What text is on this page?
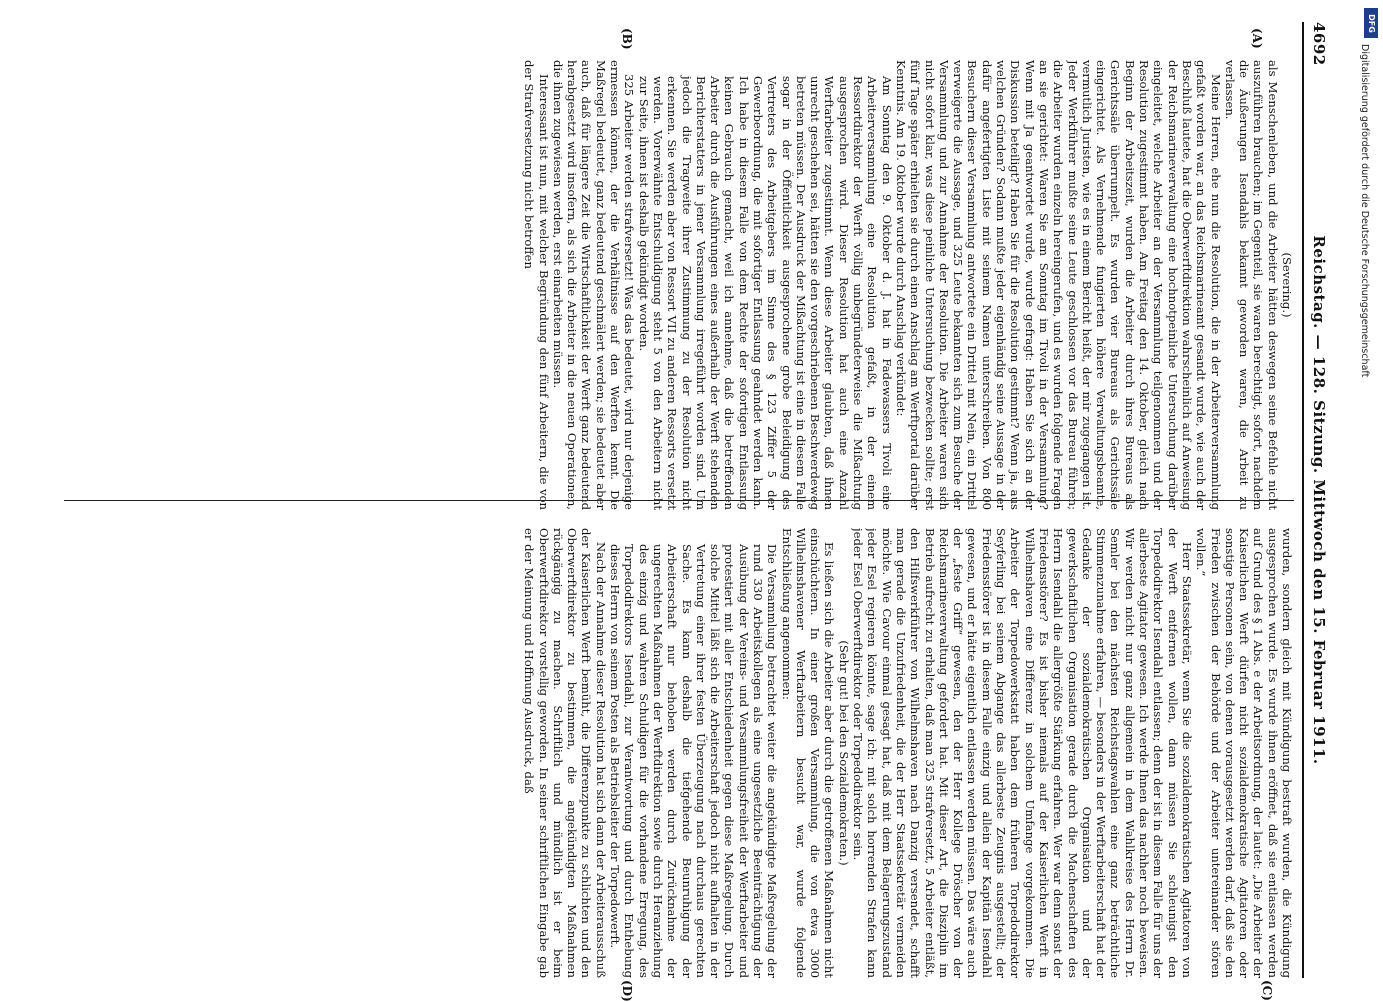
4692
Reichstag. — 128. Sitzung. Mittwoch den 15. Februar 1911.
(A)
(B)
(C)
(D)

(Severing.)

als Menschenleben, und die Arbeiter hätten deswegen seine Befehle nicht auszuführen brauchen; im Gegenteil, sie waren berechtigt, sofort, nachdem die Äußerungen Isendahls bekannt geworden waren, die Arbeit zu verlassen.

Meine Herren, ehe nun die Resolution, die in der Arbeiterversammlung gefaßt worden war, an das Reichsmarineamt gesandt wurde, wie auch der Beschluß lautete, hat die Oberwerftdirektion wahrscheinlich auf Anweisung der Reichsmarineverwaltung eine hochnotpeinliche Untersuchung darüber eingeleitet, welche Arbeiter an der Versammlung teilgenommen und der Resolution zugestimmt haben. Am Freitag den 14. Oktober, gleich nach Beginn der Arbeitszeit, wurden die Arbeiter durch ihres Bureaus als Gerichtssäle überrumpelt. Es wurden vier Bureaus als Gerichtssäle eingerichtet. Als Vernehmende fungierten höhere Verwaltungsbeamte, vermutlich Juristen, wie es in einem Bericht heißt, der mir zugegangen ist. Jeder Werkführer mußte seine Leute geschlossen vor das Bureau führen; die Arbeiter wurden einzeln hereingerufen, und es wurden folgende Fragen an sie gerichtet: Waren Sie am Sonntag im Tivoli in der Versammlung? Wenn mit Ja geantwortet wurde, wurde gefragt: Haben Sie sich an der Diskussion beteiligt? Haben Sie für die Resolution gestimmt? Wenn ja, aus welchen Gründen? Sodann mußte jeder eigenhändig seine Aussage in der dafür angefertigten Liste mit seinem Namen unterschreiben. Von 800 Besuchern dieser Versammlung antwortete ein Drittel mit Nein, ein Drittel verweigerte die Aussage, und 325 Leute bekannten sich zum Besuche der Versammlung und zur Annahme der Resolution. Die Arbeiter waren sich nicht sofort klar, was diese peinliche Untersuchung bezwecken sollte; erst fünf Tage später erhielten sie durch einen Anschlag am Werftportal darüber Kenntnis. Am 19. Oktober wurde durch Anschlag verkündet:

Am Sonntag den 9. Oktober d. J. hat in Fadewassers Tivoli eine Arbeiterversammlung eine Resolution gefaßt, in der einem Ressortdirektor der Werft völlig unbegründeterweise die Mißachtung ausgesprochen wird. Dieser Resolution hat auch eine Anzahl Werftarbeiter zugestimmt. Wenn diese Arbeiter glaubten, daß ihnen unrecht geschehen sei, hätten sie den vorgeschriebenen Beschwerdeweg betreten müssen. Der Ausdruck der Mißachtung ist eine in diesem Falle sogar in der Öffentlichkeit ausgesprochene grobe Beleidigung des Vertreters des Arbeitgebers im Sinne des § 123 Ziffer 5 der Gewerbeordnung, die mit sofortiger Entlassung geahndet werden kann. Ich habe in diesem Falle von dem Rechte der sofortigen Entlassung keinen Gebrauch gemacht, weil ich annehme, daß die betreffenden Arbeiter durch die Ausführungen eines außerhalb der Werft stehenden Berichterstatters in jener Versammlung irregeführt worden sind. Um jedoch die Tragweite ihrer Zustimmung zu der Resolution nicht erkennen. Sie werden aber von Ressort VII zu anderen Ressorts versetzt werden. Vorerwähnte Entschuldigung steht 5 von den Arbeitern nicht zur Seite, ihnen ist deshalb gekündigt worden.

325 Arbeiter werden strafversetzt! Was das bedeutet, wird nur derjenige ermessen können, der die Verhältnisse auf den Werften kennt. Die Maßregel bedeutet, ganz bedeutend geschmälert werden; sie bedeutet aber auch, daß für längere Zeit die Wirtschaftlichkeit der Werft ganz bedeutend herabgesetzt wird insofern, als sich die Arbeiter in die neuen Operationen, die ihnen zugewiesen werden, erst einarbeiten müssen.

Interessant ist nun, mit welcher Begründung den fünf Arbeitern, die von der Strafversetzung nicht betroffen

wurden, sondern gleich mit Kündigung bestraft wurden, die Kündigung ausgesprochen wurde. Es wurde ihnen eröffnet, daß sie entlassen werden auf Grund des § 1 Abs. e der Arbeitsordnung, der lautet: „Die Arbeiter der Kaiserlichen Werft dürfen nicht sozialdemokratische Agitatoren oder sonstige Personen sein, von denen vorausgesetzt werden darf, daß sie den Frieden zwischen der Behörde und der Arbeiter untereinander stören wollen.“

Herr Staatssekretär, wenn Sie die sozialdemokratischen Agitatoren von der Werft entfernen wollen, dann müssen Sie schleunigst den Torpedodirektor Isendahl entlassen; denn der ist in diesem Falle für uns der allerbeste Agitator gewesen. Ich werde Ihnen das nachher noch beweisen. Wir werden nicht nur ganz allgemein in dem Wahlkreise des Herrn Dr. Semler bei den nächsten Reichstagswahlen eine ganz beträchtliche Stimmenzunahme erfahren, — besonders in der Werftarbeiterschaft hat der Gedanke der sozialdemokratischen Organisation und der gewerkschaftlichen Organisation gerade durch die Machenschaften des Herrn Isendahl die allergrößte Stärkung erfahren. Wer war denn sonst der Friedensstörer? Es ist bisher niemals auf der Kaiserlichen Werft in Wilhelmshaven eine Differenz in solchem Umfange vorgekommen. Die Arbeiter der Torpedowerkstatt haben dem früheren Torpedodirektor Seyferling bei seinem Abgange das allerbeste Zeugnis ausgestellt; der Friedensstörer ist in diesem Falle einzig und allein der Kapitän Isendahl gewesen, und er hätte eigentlich entlassen werden müssen. Das wäre auch der „feste Griff“ gewesen, den der Herr Kollege Dröscher von der Reichsmarineverwaltung gefordert hat. Mit dieser Art, die Disziplin im Betrieb aufrecht zu erhalten, daß man 325 strafversetzt, 5 Arbeiter entläßt, den Hilfswerkführer von Wilhelmshaven nach Danzig versendet, schafft man gerade die Unzufriedenheit, die der Herr Staatssekretär vermeiden möchte. Wie Cavour einmal gesagt hat, daß mit dem Belagerungszustand jeder Esel regieren könnte, sage ich: mit solch horrenden Strafen kann jeder Esel Oberwerftdirektor oder Torpedodirektor sein.

(Sehr gut! bei den Sozialdemokraten.)

Es ließen sich die Arbeiter aber durch die getroffenen Maßnahmen nicht einschüchtern. In einer großen Versammlung, die von etwa 3000 Wilhelmshavener Werftarbeitern besucht war, wurde folgende Entschließung angenommen:

Die Versammlung betrachtet weiter die angekündigte Maßregelung der rund 330 Arbeitskollegen als eine ungesetzliche Beeinträchtigung der Ausübung der Vereins- und Versammlungsfreiheit der Werftarbeiter und protestiert mit aller Entschiedenheit gegen diese Maßregelung. Durch solche Mittel läßt sich die Arbeiterschaft jedoch nicht aufhalten in der Vertretung einer ihrer festen Überzeugung nach durchaus gerechten Sache. Es kann deshalb die tiefgehende Beunruhigung der Arbeiterschaft nur behoben werden durch Zurücknahme der ungerechten Maßnahmen der Werftdirektion sowie durch Heranziehung des einzig und wahren Schuldigen für die vorhandene Erregung, des Torpedodirektors Isendahl, zur Verantwortung und durch Enthebung dieses Herrn von seinem Posten als Betriebsleiter der Torpedowerft.

Nach der Annahme dieser Resolution hat sich dann der Arbeiterausschuß der Kaiserlichen Werft bemüht, die Differenzpunkte zu schlichten und den Oberwerftdirektor zu bestimmen, die angekündigten Maßnahmen rückgängig zu machen. Schriftlich und mündlich ist er beim Oberwerftdirektor vorstellig geworden. In seiner schriftlichen Eingabe gab er der Meinung und Hoffnung Ausdruck, daß

DFG
Digitalisierung gefördert durch die Deutsche Forschungsgemeinschaft
